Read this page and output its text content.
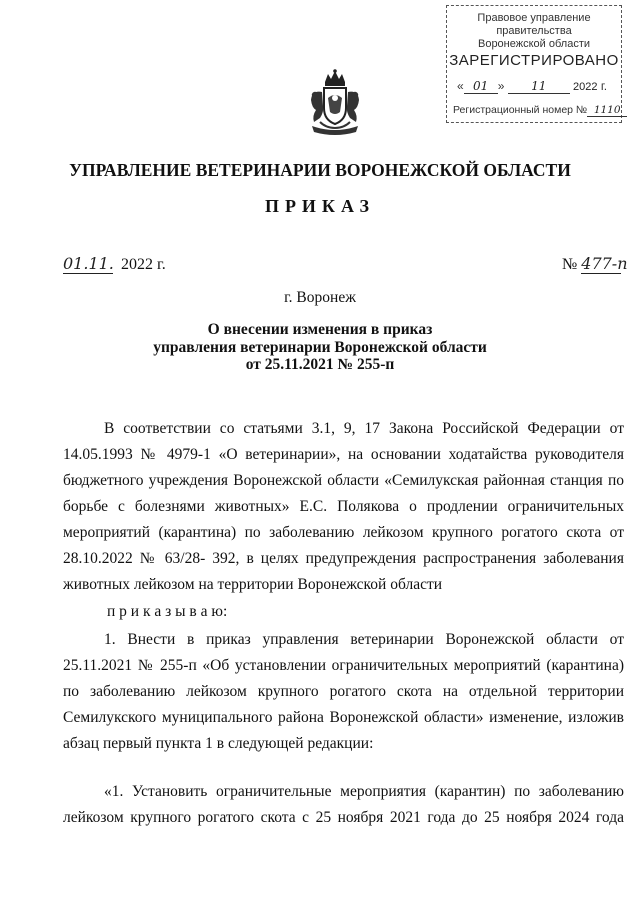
Правовое управление правительства
Воронежской области
ЗАРЕГИСТРИРОВАНО
« 01 » 11 2022 г.
Регистрационный номер № 1110
УПРАВЛЕНИЕ ВЕТЕРИНАРИИ ВОРОНЕЖСКОЙ ОБЛАСТИ
ПРИКАЗ
01.11. 2022 г.	№ 477-п
г. Воронеж
О внесении изменения в приказ
управления ветеринарии Воронежской области
от 25.11.2021 № 255-п
В соответствии со статьями 3.1, 9, 17 Закона Российской Федерации от
14.05.1993 № 4979-1 «О ветеринарии», на основании ходатайства руководителя
бюджетного учреждения Воронежской области «Семилукская районная станция по
борьбе с болезнями животных» Е.С. Полякова о продлении ограничительных
мероприятий (карантина) по заболеванию лейкозом крупного рогатого скота от
28.10.2022 № 63/28- 392, в целях предупреждения распространения заболевания
животных лейкозом на территории Воронежской области
п р и к а з ы в а ю:
1. Внести в приказ управления ветеринарии Воронежской области от
25.11.2021 № 255-п «Об установлении ограничительных мероприятий (карантина)
по заболеванию лейкозом крупного рогатого скота на отдельной территории
Семилукского муниципального района Воронежской области» изменение, изложив
абзац первый пункта 1 в следующей редакции:
«1. Установить ограничительные мероприятия (карантин) по заболеванию
лейкозом крупного рогатого скота с 25 ноября 2021 года до 25 ноября 2024 года
